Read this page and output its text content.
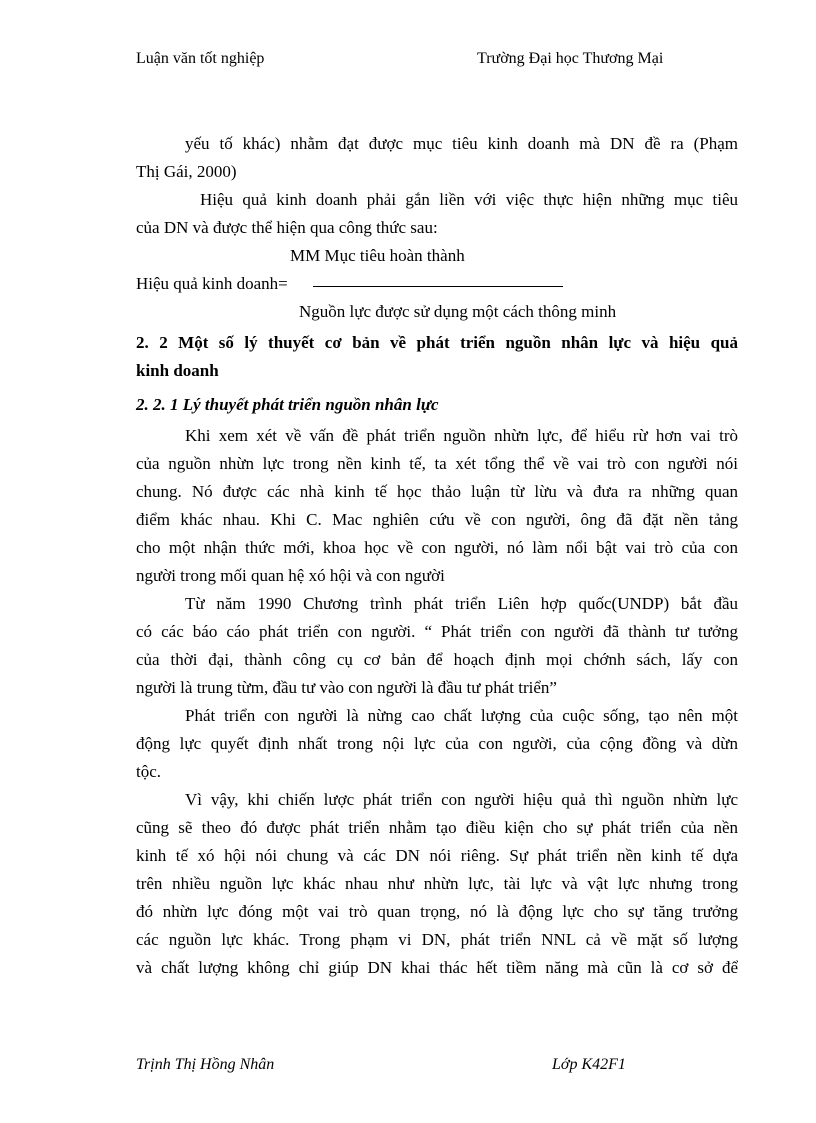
Luận văn tốt nghiệp	Trường Đại học Thương Mại
yếu tố khác) nhằm đạt được mục tiêu kinh doanh mà DN đề ra (Phạm
Thị Gái, 2000)
Hiệu quả kinh doanh phải gắn liền với việc thực hiện những mục tiêu
của DN và được thể hiện qua công thức sau:
MM Mục tiêu hoàn thành
Hiệu quả kinh doanh=
Nguồn lực được sử dụng một cách thông minh
2. 2 Một số lý thuyết cơ bản về phát triển nguồn nhân lực và hiệu quả
kinh doanh
2. 2. 1 Lý thuyết phát triển nguồn nhân lực
Khi xem xét về vấn đề phát triển nguồn nhừn lực, để hiểu rừ hơn vai trò
của nguồn nhừn lực trong nền kinh tế, ta xét tổng thể về vai trò con người nói
chung. Nó được các nhà kinh tế học thảo luận từ lừu và đưa ra những quan
điểm khác nhau. Khi C. Mac nghiên cứu về con người, ông đã đặt nền tảng
cho một nhận thức mới, khoa học về con người, nó làm nổi bật vai trò của con
người trong mối quan hệ xó hội và con người
Từ năm 1990 Chương trình phát triển Liên hợp quốc(UNDP) bắt đầu
có các báo cáo phát triển con người. “ Phát triển con người đã thành tư tưởng
của thời đại, thành công cụ cơ bản để hoạch định mọi chớnh sách, lấy con
người là trung từm, đầu tư vào con người là đầu tư phát triển”
Phát triển con người là nừng cao chất lượng của cuộc sống, tạo nên một
động lực quyết định nhất trong nội lực của con người, của cộng đồng và dừn
tộc.
Vì vậy, khi chiến lược phát triển con người hiệu quả thì nguồn nhừn lực
cũng sẽ theo đó được phát triển nhằm tạo điều kiện cho sự phát triển của nền
kinh tế xó hội nói chung và các DN nói riêng. Sự phát triển nền kinh tế dựa
trên nhiều nguồn lực khác nhau như nhừn lực, tài lực và vật lực nhưng trong
đó nhừn lực đóng một vai trò quan trọng, nó là động lực cho sự tăng trưởng
các nguồn lực khác. Trong phạm vi DN, phát triển NNL cả về mặt số lượng
và chất lượng không chỉ giúp DN khai thác hết tiềm năng mà cũn là cơ sở để
Trịnh Thị Hồng Nhân	Lớp K42F1
